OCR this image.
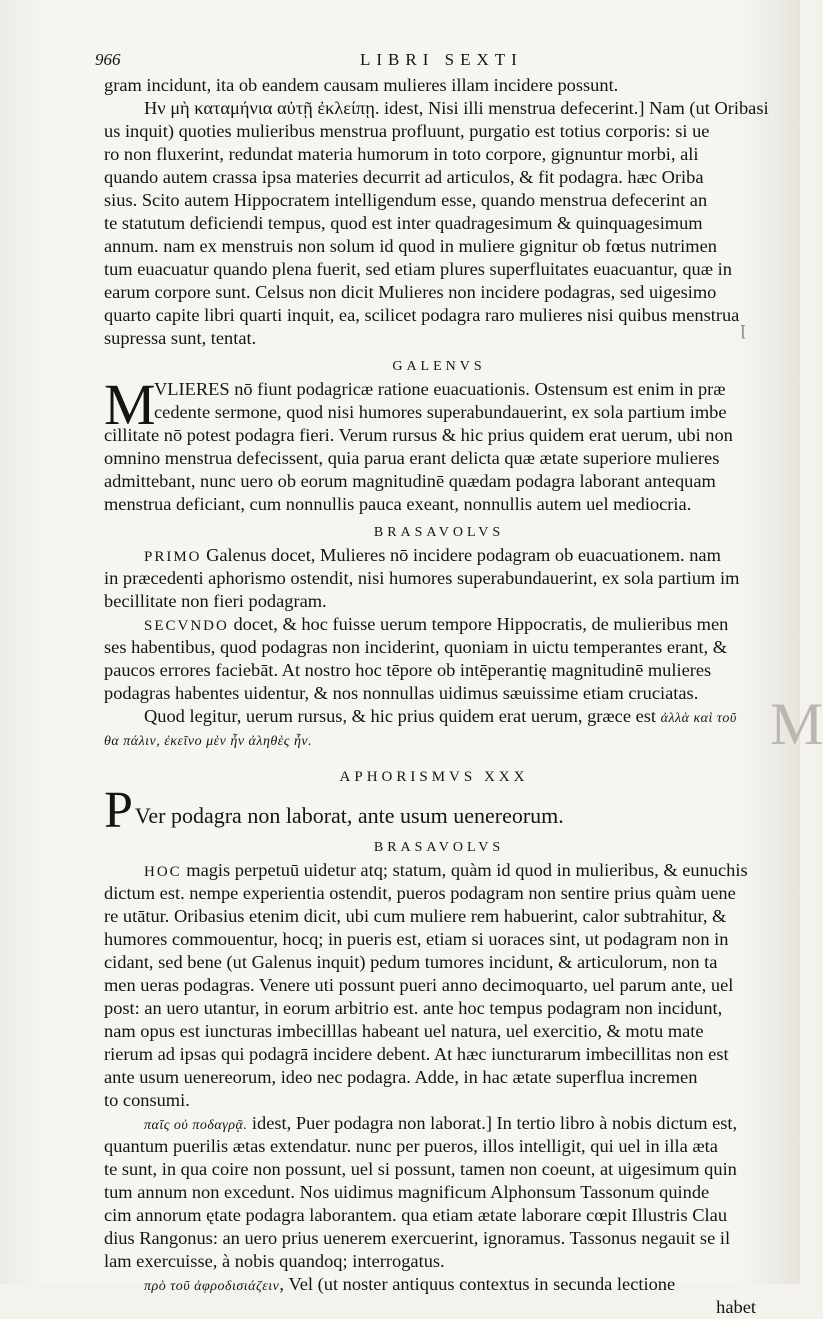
966	LIBRI SEXTI
gram incidunt, ita ob eandem causam mulieres illam incidere possunt.
Ην μὴ καταμήνια αὐτῇ ἐκλείπῃ. idest, Nisi illi menstrua defecerint.] Nam (ut Oribasi
us inquit) quoties mulieribus menstrua profluunt, purgatio est totius corporis: si ue
ro non fluxerint, redundat materia humorum in toto corpore, gignuntur morbi, ali
quando autem crassa ipsa materies decurrit ad articulos, & fit podagra. hæc Oriba
sius. Scito autem Hippocratem intelligendum esse, quando menstrua defecerint an
te statutum deficiendi tempus, quod est inter quadragesimum & quinquagesimum
annum. nam ex menstruis non solum id quod in muliere gignitur ob fœtus nutrimen
tum euacuatur quando plena fuerit, sed etiam plures superfluitates euacuantur, quæ in
earum corpore sunt. Celsus non dicit Mulieres non incidere podagras, sed uigesimo
quarto capite libri quarti inquit, ea, scilicet podagra raro mulieres nisi quibus menstrua
supressa sunt, tentat.
GALENVS
M
VLIERES nō fiunt podagricæ ratione euacuationis. Ostensum est enim in præ
cedente sermone, quod nisi humores superabundauerint, ex sola partium imbe
cillitate nō potest podagra fieri. Verum rursus & hic prius quidem erat uerum, ubi non
omnino menstrua defecissent, quia parua erant delicta quæ ætate superiore mulieres
admittebant, nunc uero ob eorum magnitudinē quædam podagra laborant antequam
menstrua deficiant, cum nonnullis pauca exeant, nonnullis autem uel mediocria.
BRASAVOLVS
PRIMO Galenus docet, Mulieres nō incidere podagram ob euacuationem. nam
in præcedenti aphorismo ostendit, nisi humores superabundauerint, ex sola partium im
becillitate non fieri podagram.
SECVNDO docet, & hoc fuisse uerum tempore Hippocratis, de mulieribus men
ses habentibus, quod podagras non inciderint, quoniam in uictu temperantes erant, &
paucos errores faciebāt. At nostro hoc tēpore ob intēperantię magnitudinē mulieres
podagras habentes uidentur, & nos nonnullas uidimus sæuissime etiam cruciatas.
Quod legitur, uerum rursus, & hic prius quidem erat uerum, græce est ἀλλὰ καὶ τοῦ
θα πάλιν, ἐκεῖνο μὲν ἦν ἀληθὲς ἦν.
APHORISMVS XXX
PVer podagra non laborat, ante usum uenereorum.
BRASAVOLVS
HOC magis perpetuū uidetur atq; statum, quàm id quod in mulieribus, & eunuchis
dictum est. nempe experientia ostendit, pueros podagram non sentire prius quàm uene
re utātur. Oribasius etenim dicit, ubi cum muliere rem habuerint, calor subtrahitur, &
humores commouentur, hocq; in pueris est, etiam si uoraces sint, ut podagram non in
cidant, sed bene (ut Galenus inquit) pedum tumores incidunt, & articulorum, non ta
men ueras podagras. Venere uti possunt pueri anno decimoquarto, uel parum ante, uel
post: an uero utantur, in eorum arbitrio est. ante hoc tempus podagram non incidunt,
nam opus est iuncturas imbecilllas habeant uel natura, uel exercitio, & motu mate
rierum ad ipsas qui podagrā incidere debent. At hæc iuncturarum imbecillitas non est
ante usum uenereorum, ideo nec podagra. Adde, in hac ætate superflua incremen
to consumi.
παῖς οὐ ποδαγρᾷ. idest, Puer podagra non laborat.] In tertio libro à nobis dictum est,
quantum puerilis ætas extendatur. nunc per pueros, illos intelligit, qui uel in illa æta
te sunt, in qua coire non possunt, uel si possunt, tamen non coeunt, at uigesimum quin
tum annum non excedunt. Nos uidimus magnificum Alphonsum Tassonum quinde
cim annorum ętate podagra laborantem. qua etiam ætate laborare cœpit Illustris Clau
dius Rangonus: an uero prius uenerem exercuerint, ignoramus. Tassonus negauit se il
lam exercuisse, à nobis quandoq; interrogatus.
πρὸ τοῦ ἀφροδισιάζειν, Vel (ut noster antiquus contextus in secunda lectione
habet
M
ꞁ
